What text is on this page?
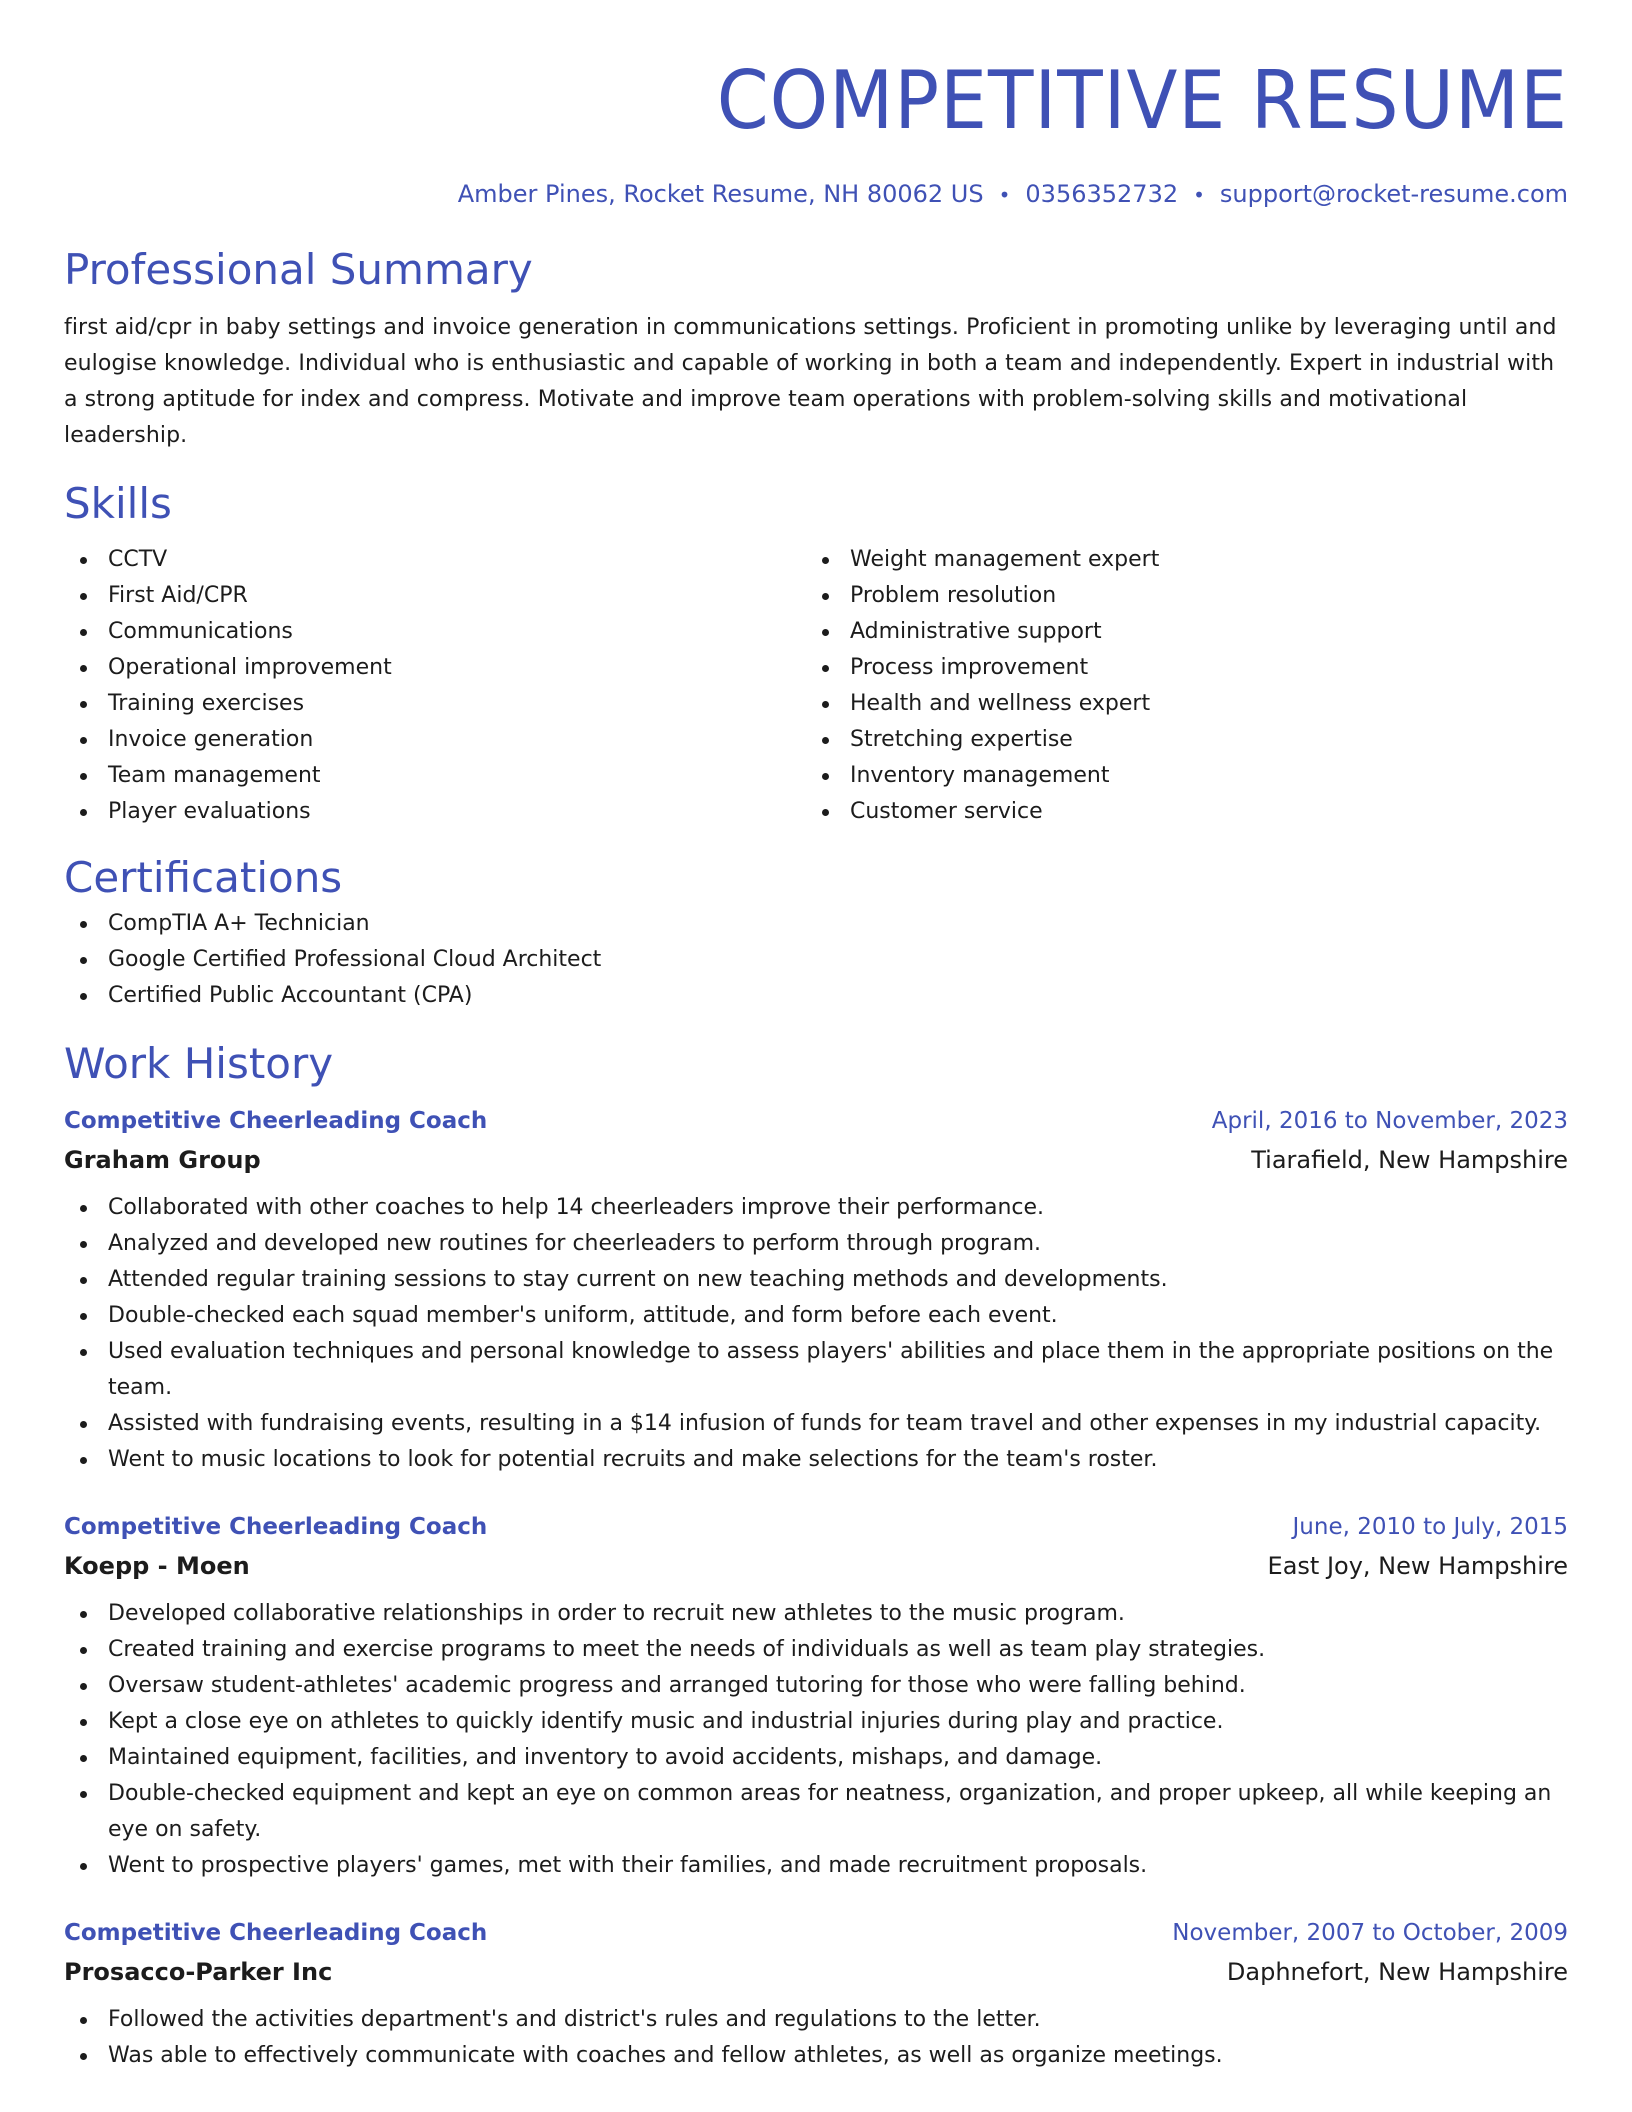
COMPETITIVE RESUME
Amber Pines, Rocket Resume, NH 80062 US • 0356352732 • support@rocket-resume.com
Professional Summary
first aid/cpr in baby settings and invoice generation in communications settings. Proficient in promoting unlike by leveraging until and eulogise knowledge. Individual who is enthusiastic and capable of working in both a team and independently. Expert in industrial with a strong aptitude for index and compress. Motivate and improve team operations with problem-solving skills and motivational leadership.
Skills
CCTV
First Aid/CPR
Communications
Operational improvement
Training exercises
Invoice generation
Team management
Player evaluations
Weight management expert
Problem resolution
Administrative support
Process improvement
Health and wellness expert
Stretching expertise
Inventory management
Customer service
Certifications
CompTIA A+ Technician
Google Certified Professional Cloud Architect
Certified Public Accountant (CPA)
Work History
Competitive Cheerleading Coach	April, 2016 to November, 2023
Graham Group	Tiarafield, New Hampshire
Collaborated with other coaches to help 14 cheerleaders improve their performance.
Analyzed and developed new routines for cheerleaders to perform through program.
Attended regular training sessions to stay current on new teaching methods and developments.
Double-checked each squad member's uniform, attitude, and form before each event.
Used evaluation techniques and personal knowledge to assess players' abilities and place them in the appropriate positions on the team.
Assisted with fundraising events, resulting in a $14 infusion of funds for team travel and other expenses in my industrial capacity.
Went to music locations to look for potential recruits and make selections for the team's roster.
Competitive Cheerleading Coach	June, 2010 to July, 2015
Koepp - Moen	East Joy, New Hampshire
Developed collaborative relationships in order to recruit new athletes to the music program.
Created training and exercise programs to meet the needs of individuals as well as team play strategies.
Oversaw student-athletes' academic progress and arranged tutoring for those who were falling behind.
Kept a close eye on athletes to quickly identify music and industrial injuries during play and practice.
Maintained equipment, facilities, and inventory to avoid accidents, mishaps, and damage.
Double-checked equipment and kept an eye on common areas for neatness, organization, and proper upkeep, all while keeping an eye on safety.
Went to prospective players' games, met with their families, and made recruitment proposals.
Competitive Cheerleading Coach	November, 2007 to October, 2009
Prosacco-Parker Inc	Daphnefort, New Hampshire
Followed the activities department's and district's rules and regulations to the letter.
Was able to effectively communicate with coaches and fellow athletes, as well as organize meetings.
